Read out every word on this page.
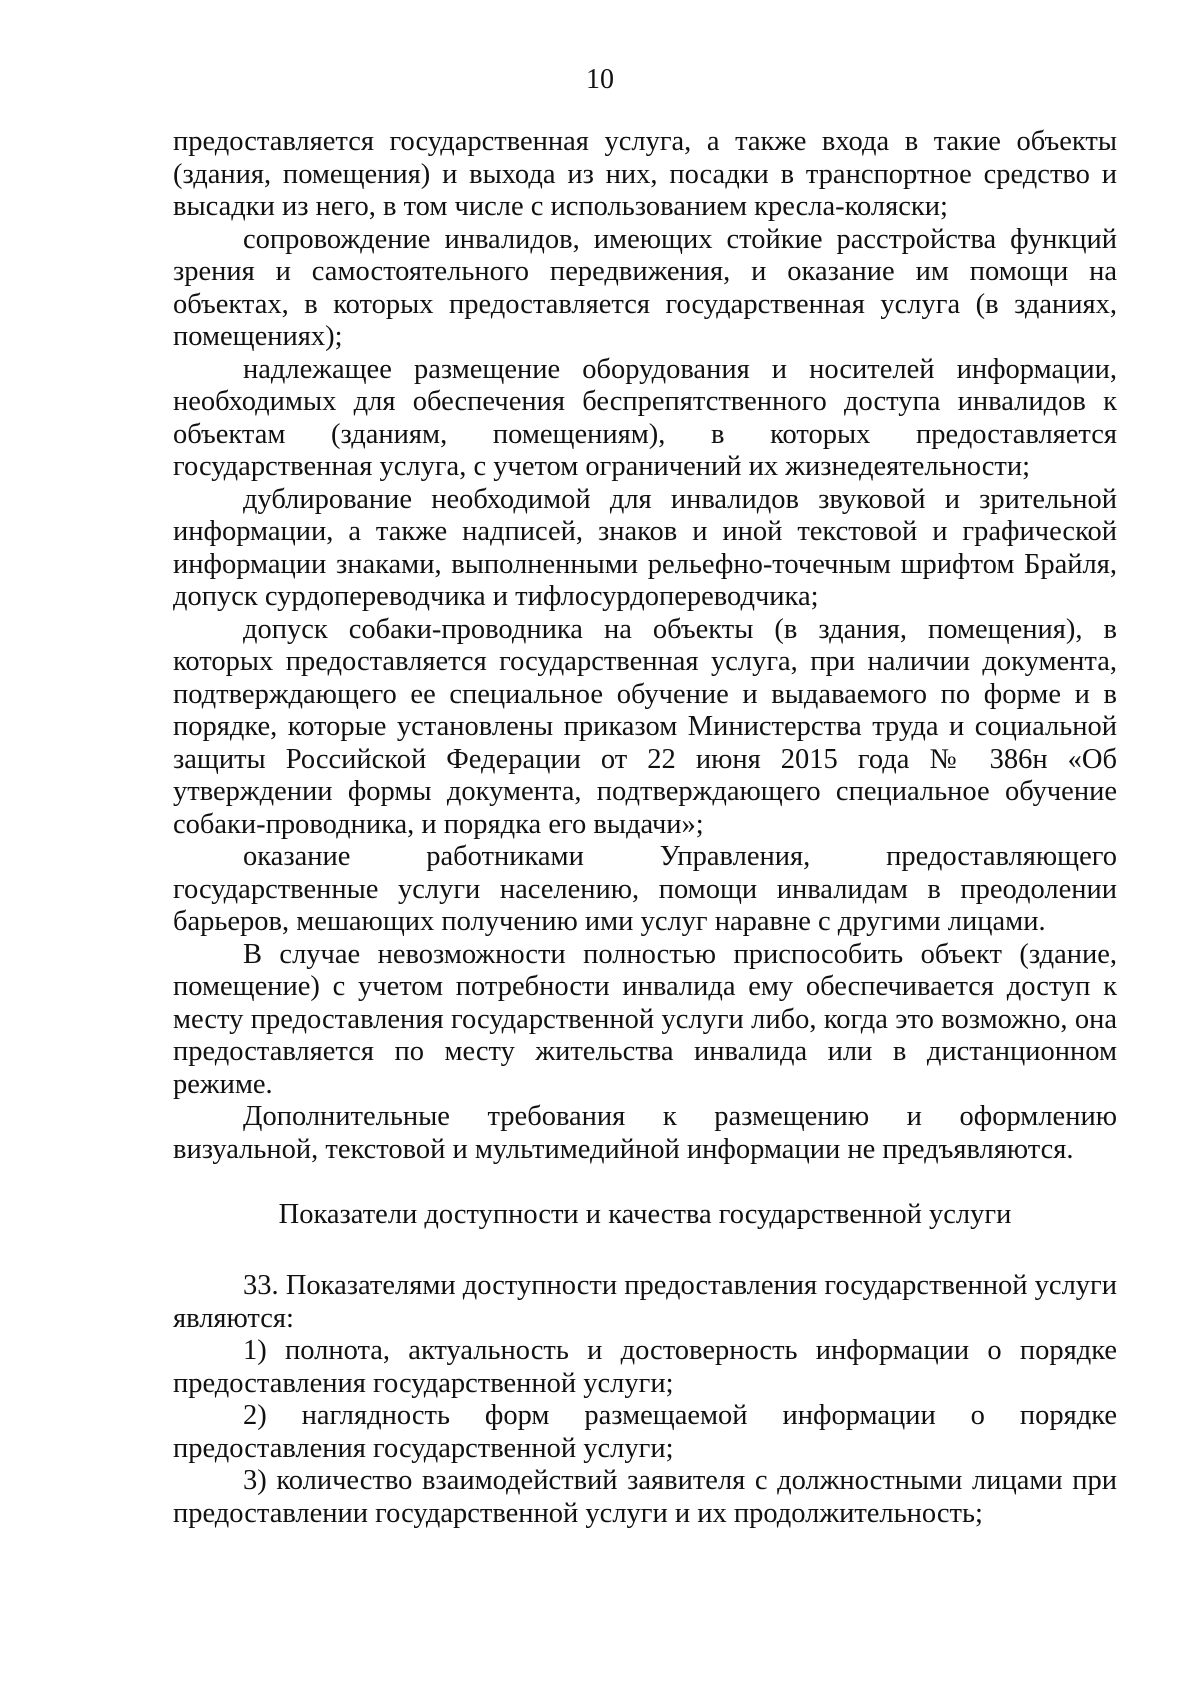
10

предоставляется государственная услуга, а также входа в такие объекты (здания, помещения) и выхода из них, посадки в транспортное средство и высадки из него, в том числе с использованием кресла-коляски;

сопровождение инвалидов, имеющих стойкие расстройства функций зрения и самостоятельного передвижения, и оказание им помощи на объектах, в которых предоставляется государственная услуга (в зданиях, помещениях);

надлежащее размещение оборудования и носителей информации, необходимых для обеспечения беспрепятственного доступа инвалидов к объектам (зданиям, помещениям), в которых предоставляется государственная услуга, с учетом ограничений их жизнедеятельности;

дублирование необходимой для инвалидов звуковой и зрительной информации, а также надписей, знаков и иной текстовой и графической информации знаками, выполненными рельефно-точечным шрифтом Брайля, допуск сурдопереводчика и тифлосурдопереводчика;

допуск собаки-проводника на объекты (в здания, помещения), в которых предоставляется государственная услуга, при наличии документа, подтверждающего ее специальное обучение и выдаваемого по форме и в порядке, которые установлены приказом Министерства труда и социальной защиты Российской Федерации от 22 июня 2015 года № 386н «Об утверждении формы документа, подтверждающего специальное обучение собаки-проводника, и порядка его выдачи»;

оказание работниками Управления, предоставляющего государственные услуги населению, помощи инвалидам в преодолении барьеров, мешающих получению ими услуг наравне с другими лицами.

В случае невозможности полностью приспособить объект (здание, помещение) с учетом потребности инвалида ему обеспечивается доступ к месту предоставления государственной услуги либо, когда это возможно, она предоставляется по месту жительства инвалида или в дистанционном режиме.

Дополнительные требования к размещению и оформлению визуальной, текстовой и мультимедийной информации не предъявляются.

Показатели доступности и качества государственной услуги

33. Показателями доступности предоставления государственной услуги являются:

1) полнота, актуальность и достоверность информации о порядке предоставления государственной услуги;

2) наглядность форм размещаемой информации о порядке предоставления государственной услуги;

3) количество взаимодействий заявителя с должностными лицами при предоставлении государственной услуги и их продолжительность;
